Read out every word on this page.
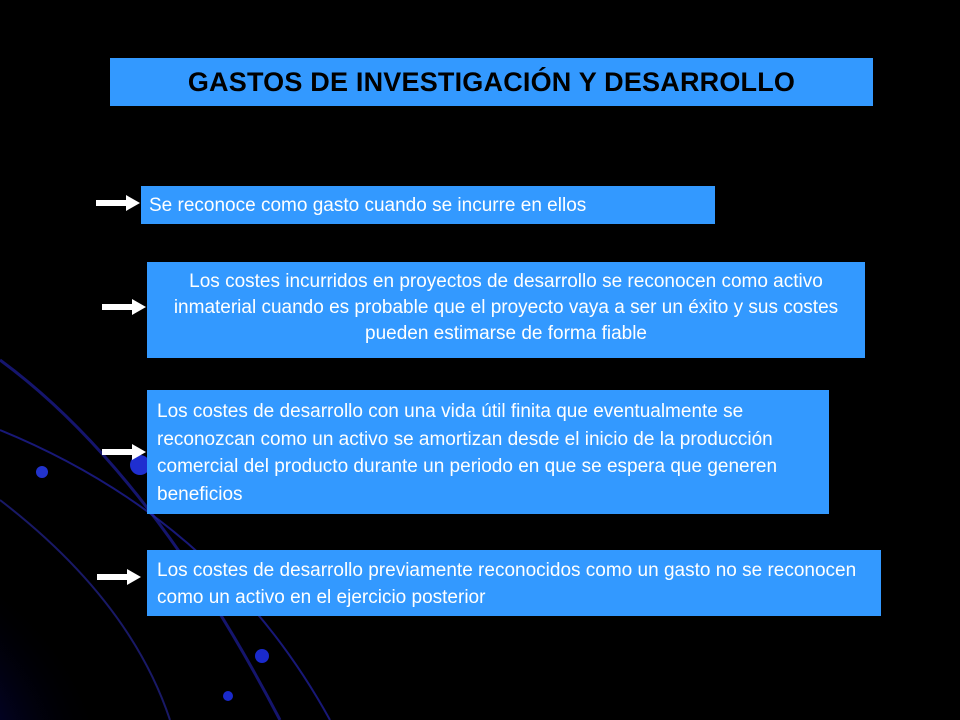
GASTOS DE INVESTIGACIÓN Y DESARROLLO
Se reconoce como gasto cuando se incurre en ellos
Los costes incurridos en proyectos de desarrollo se reconocen como activo inmaterial cuando es probable que el proyecto vaya a ser un éxito y sus costes pueden estimarse de forma fiable
Los costes de desarrollo con una vida útil finita que eventualmente se reconozcan como un activo se amortizan desde el inicio de la producción comercial del producto durante un periodo en que se espera que generen beneficios
Los costes de desarrollo previamente reconocidos como un gasto no se reconocen como un activo en el ejercicio posterior
